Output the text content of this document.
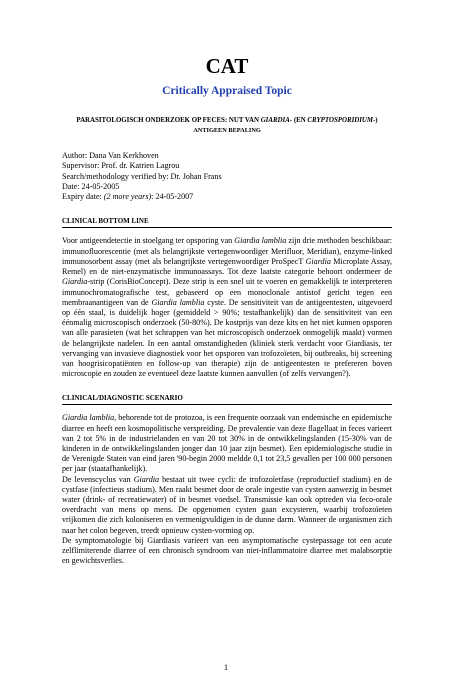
CAT
Critically Appraised Topic
PARASITOLOGISCH ONDERZOEK OP FECES: NUT VAN GIARDIA- (EN CRYPTOSPORIDIUM-)
ANTIGEEN BEPALING
Author: Dana Van Kerkhoven
Supervisor: Prof. dr. Katrien Lagrou
Search/methodology verified by: Dr. Johan Frans
Date: 24-05-2005
Expiry date: (2 more years): 24-05-2007
CLINICAL BOTTOM LINE
Voor antigeendetectie in stoelgang ter opsporing van Giardia lamblia zijn drie methoden beschikbaar: immunofluorescentie (met als belangrijkste vertegenwoordiger Merifluor, Meridian), enzyme-linked immunosorbent assay (met als belangrijkste vertegenwoordiger ProSpecT Giardia Microplate Assay, Remel) en de niet-enzymatische immunoassays. Tot deze laatste categorie behoort ondermeer de Giardia-strip (CorisBioConcept). Deze strip is een snel uit te voeren en gemakkelijk te interpreteren immunochromatografische test, gebaseerd op een monoclonale antistof gericht tegen een membraanantigeen van de Giardia lamblia cyste. De sensitiviteit van de antigeentesten, uitgevoerd op één staal, is duidelijk hoger (gemiddeld > 90%; testafhankelijk) dan de sensitiviteit van een éénmalig microscopisch onderzoek (50-80%). De kostprijs van deze kits en het niet kunnen opsporen van alle parasieten (wat het schrappen van het microscopisch onderzoek onmogelijk maakt) vormen de belangrijkste nadelen. In een aantal omstandigheden (kliniek sterk verdacht voor Giardiasis, ter vervanging van invasieve diagnostiek voor het opsporen van trofozoïeten, bij outbreaks, bij screening van hoogrisicopatiënten en follow-up van therapie) zijn de antigeentesten te prefereren boven microscopie en zouden ze eventueel deze laatste kunnen aanvullen (of zelfs vervangen?).
CLINICAL/DIAGNOSTIC SCENARIO

Giardia lamblia, behorende tot de protozoa, is een frequente oorzaak van endemische en epidemische diarree en heeft een kosmopolitische verspreiding. De prevalentie van deze flagellaat in feces varieert van 2 tot 5% in de industrielanden en van 20 tot 30% in de ontwikkelingslanden (15-30% van de kinderen in de ontwikkelingslanden jonger dan 10 jaar zijn besmet). Een epidemiologische studie in de Verenigde Staten van eind jaren '90-begin 2000 meldde 0,1 tot 23,5 gevallen per 100 000 personen per jaar (staatafhankelijk).

De levenscyclus van Giardia bestaat uit twee cycli: de trofozoïetfase (reproductief stadium) en de cystfase (infectieus stadium). Men raakt besmet door de orale ingestie van cysten aanwezig in besmet water (drink- of recreatiewater) of in besmet voedsel. Transmissie kan ook optreden via feco-orale overdracht van mens op mens. De opgenomen cysten gaan excysteren, waarbij trofozoïeten vrijkomen die zich koloniseren en vermenigvuldigen in de dunne darm. Wanneer de organismen zich naar het colon begeven, treedt opnieuw cysten-vorming op.

De symptomatologie bij Giardiasis varieert van een asymptomatische cystepassage tot een acute zelflimiterende diarree of een chronisch syndroom van niet-inflammatoire diarree met malabsorptie en gewichtsverlies.

1
